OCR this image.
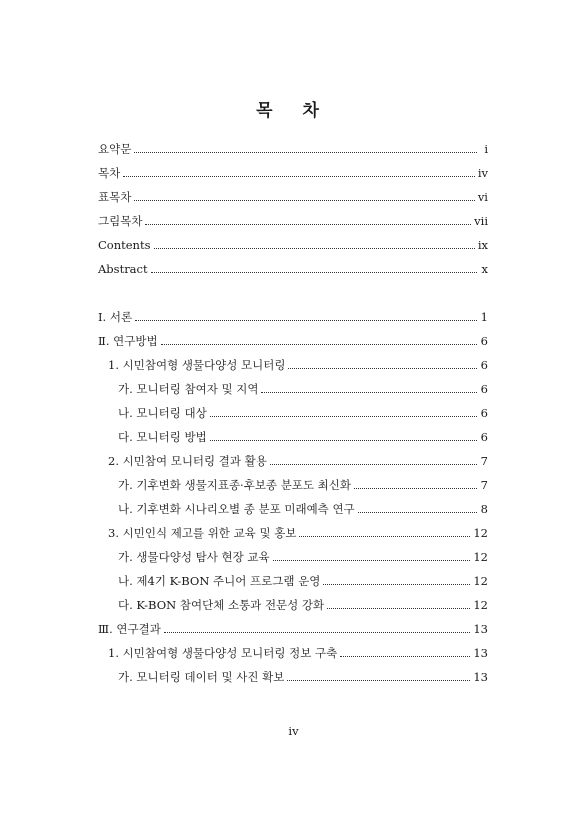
목 차
요약문	i
목차	iv
표목차	vi
그림목차	vii
Contents	ix
Abstract	x
Ⅰ. 서론	1
Ⅱ. 연구방법	6
1. 시민참여형 생물다양성 모니터링	6
가. 모니터링 참여자 및 지역	6
나. 모니터링 대상	6
다. 모니터링 방법	6
2. 시민참여 모니터링 결과 활용	7
가. 기후변화 생물지표종·후보종 분포도 최신화	7
나. 기후변화 시나리오별 종 분포 미래예측 연구	8
3. 시민인식 제고를 위한 교육 및 홍보	12
가. 생물다양성 탐사 현장 교육	12
나. 제4기 K-BON 주니어 프로그램 운영	12
다. K-BON 참여단체 소통과 전문성 강화	12
Ⅲ. 연구결과	13
1. 시민참여형 생물다양성 모니터링 정보 구축	13
가. 모니터링 데이터 및 사진 확보	13
iv
